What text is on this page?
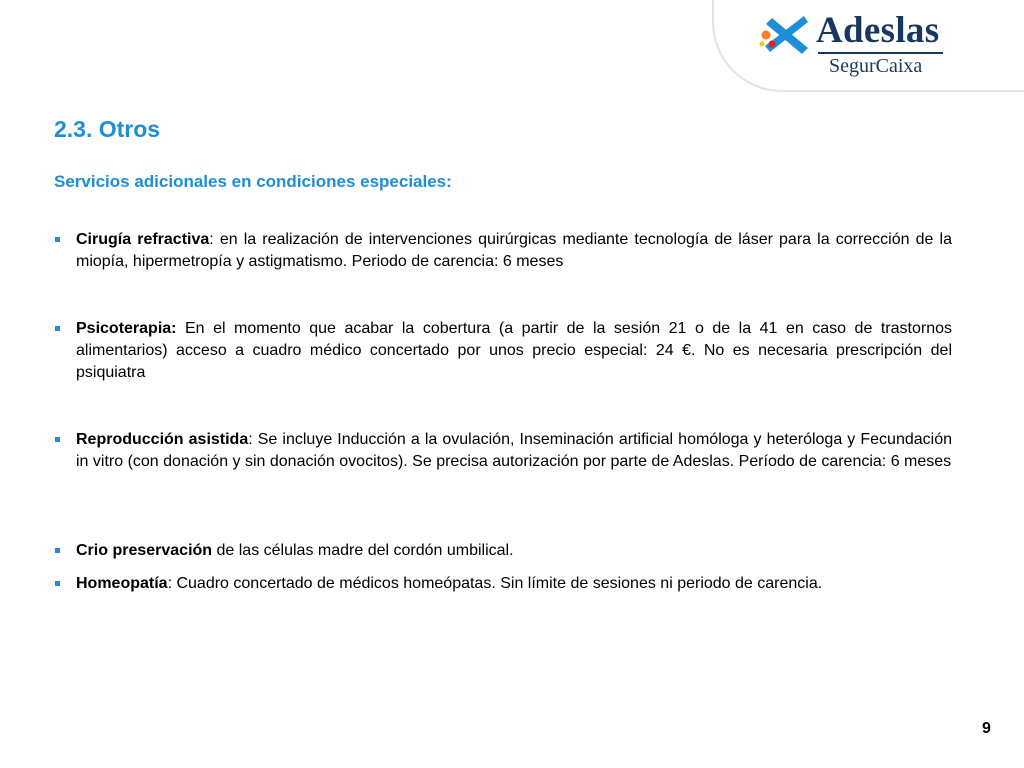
Adeslas
SegurCaixa
2.3. Otros
Servicios adicionales en condiciones especiales:
Cirugía refractiva: en la realización de intervenciones quirúrgicas mediante tecnología de láser para la corrección de la miopía, hipermetropía y astigmatismo. Periodo de carencia: 6 meses
Psicoterapia: En el momento que acabar la cobertura (a partir de la sesión 21 o de la 41 en caso de trastornos alimentarios) acceso a cuadro médico concertado por unos precio especial: 24 €. No es necesaria prescripción del psiquiatra
Reproducción asistida: Se incluye Inducción a la ovulación, Inseminación artificial homóloga y heteróloga y Fecundación in vitro (con donación y sin donación ovocitos). Se precisa autorización por parte de Adeslas. Período de carencia: 6 meses
Crio preservación de las células madre del cordón umbilical.
Homeopatía: Cuadro concertado de médicos homeópatas. Sin límite de sesiones ni periodo de carencia.
9
